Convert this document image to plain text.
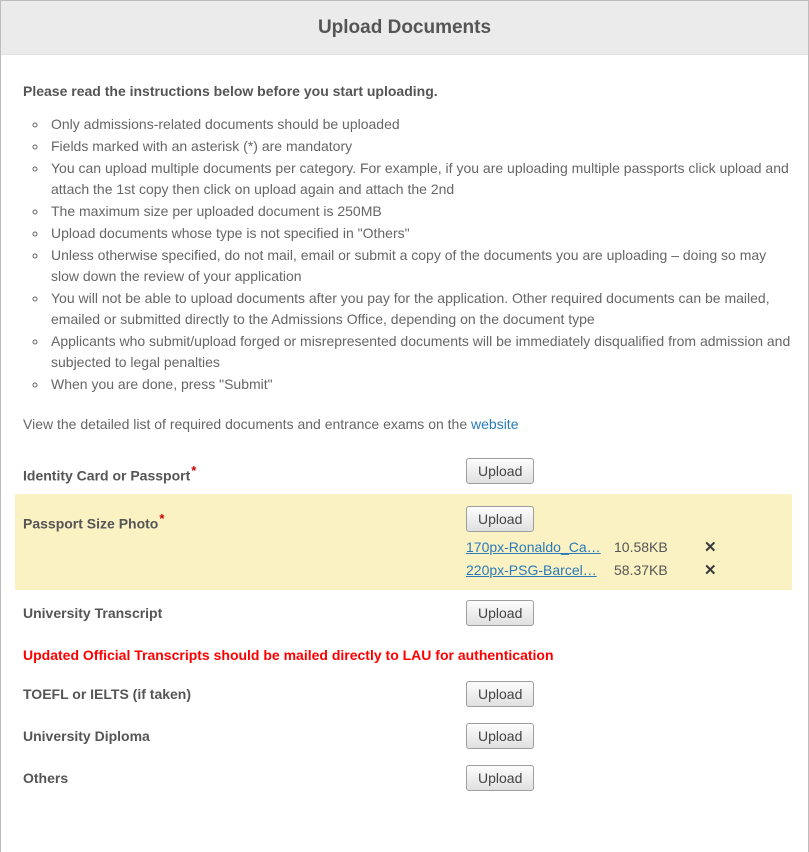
Upload Documents

Please read the instructions below before you start uploading.

◦ Only admissions-related documents should be uploaded
◦ Fields marked with an asterisk (*) are mandatory
◦ You can upload multiple documents per category. For example, if you are uploading multiple passports click upload and attach the 1st copy then click on upload again and attach the 2nd
◦ The maximum size per uploaded document is 250MB
◦ Upload documents whose type is not specified in "Others"
◦ Unless otherwise specified, do not mail, email or submit a copy of the documents you are uploading – doing so may slow down the review of your application
◦ You will not be able to upload documents after you pay for the application. Other required documents can be mailed, emailed or submitted directly to the Admissions Office, depending on the document type
◦ Applicants who submit/upload forged or misrepresented documents will be immediately disqualified from admission and subjected to legal penalties
◦ When you are done, press "Submit"

View the detailed list of required documents and entrance exams on the website

Identity Card or Passport*	Upload
Passport Size Photo*	Upload
170px-Ronaldo_Ca… 10.58KB	✕
220px-PSG-Barcel…	58.37KB	✕
University Transcript	Upload

Updated Official Transcripts should be mailed directly to LAU for authentication

TOEFL or IELTS (if taken)	Upload
University Diploma	Upload
Others	Upload
